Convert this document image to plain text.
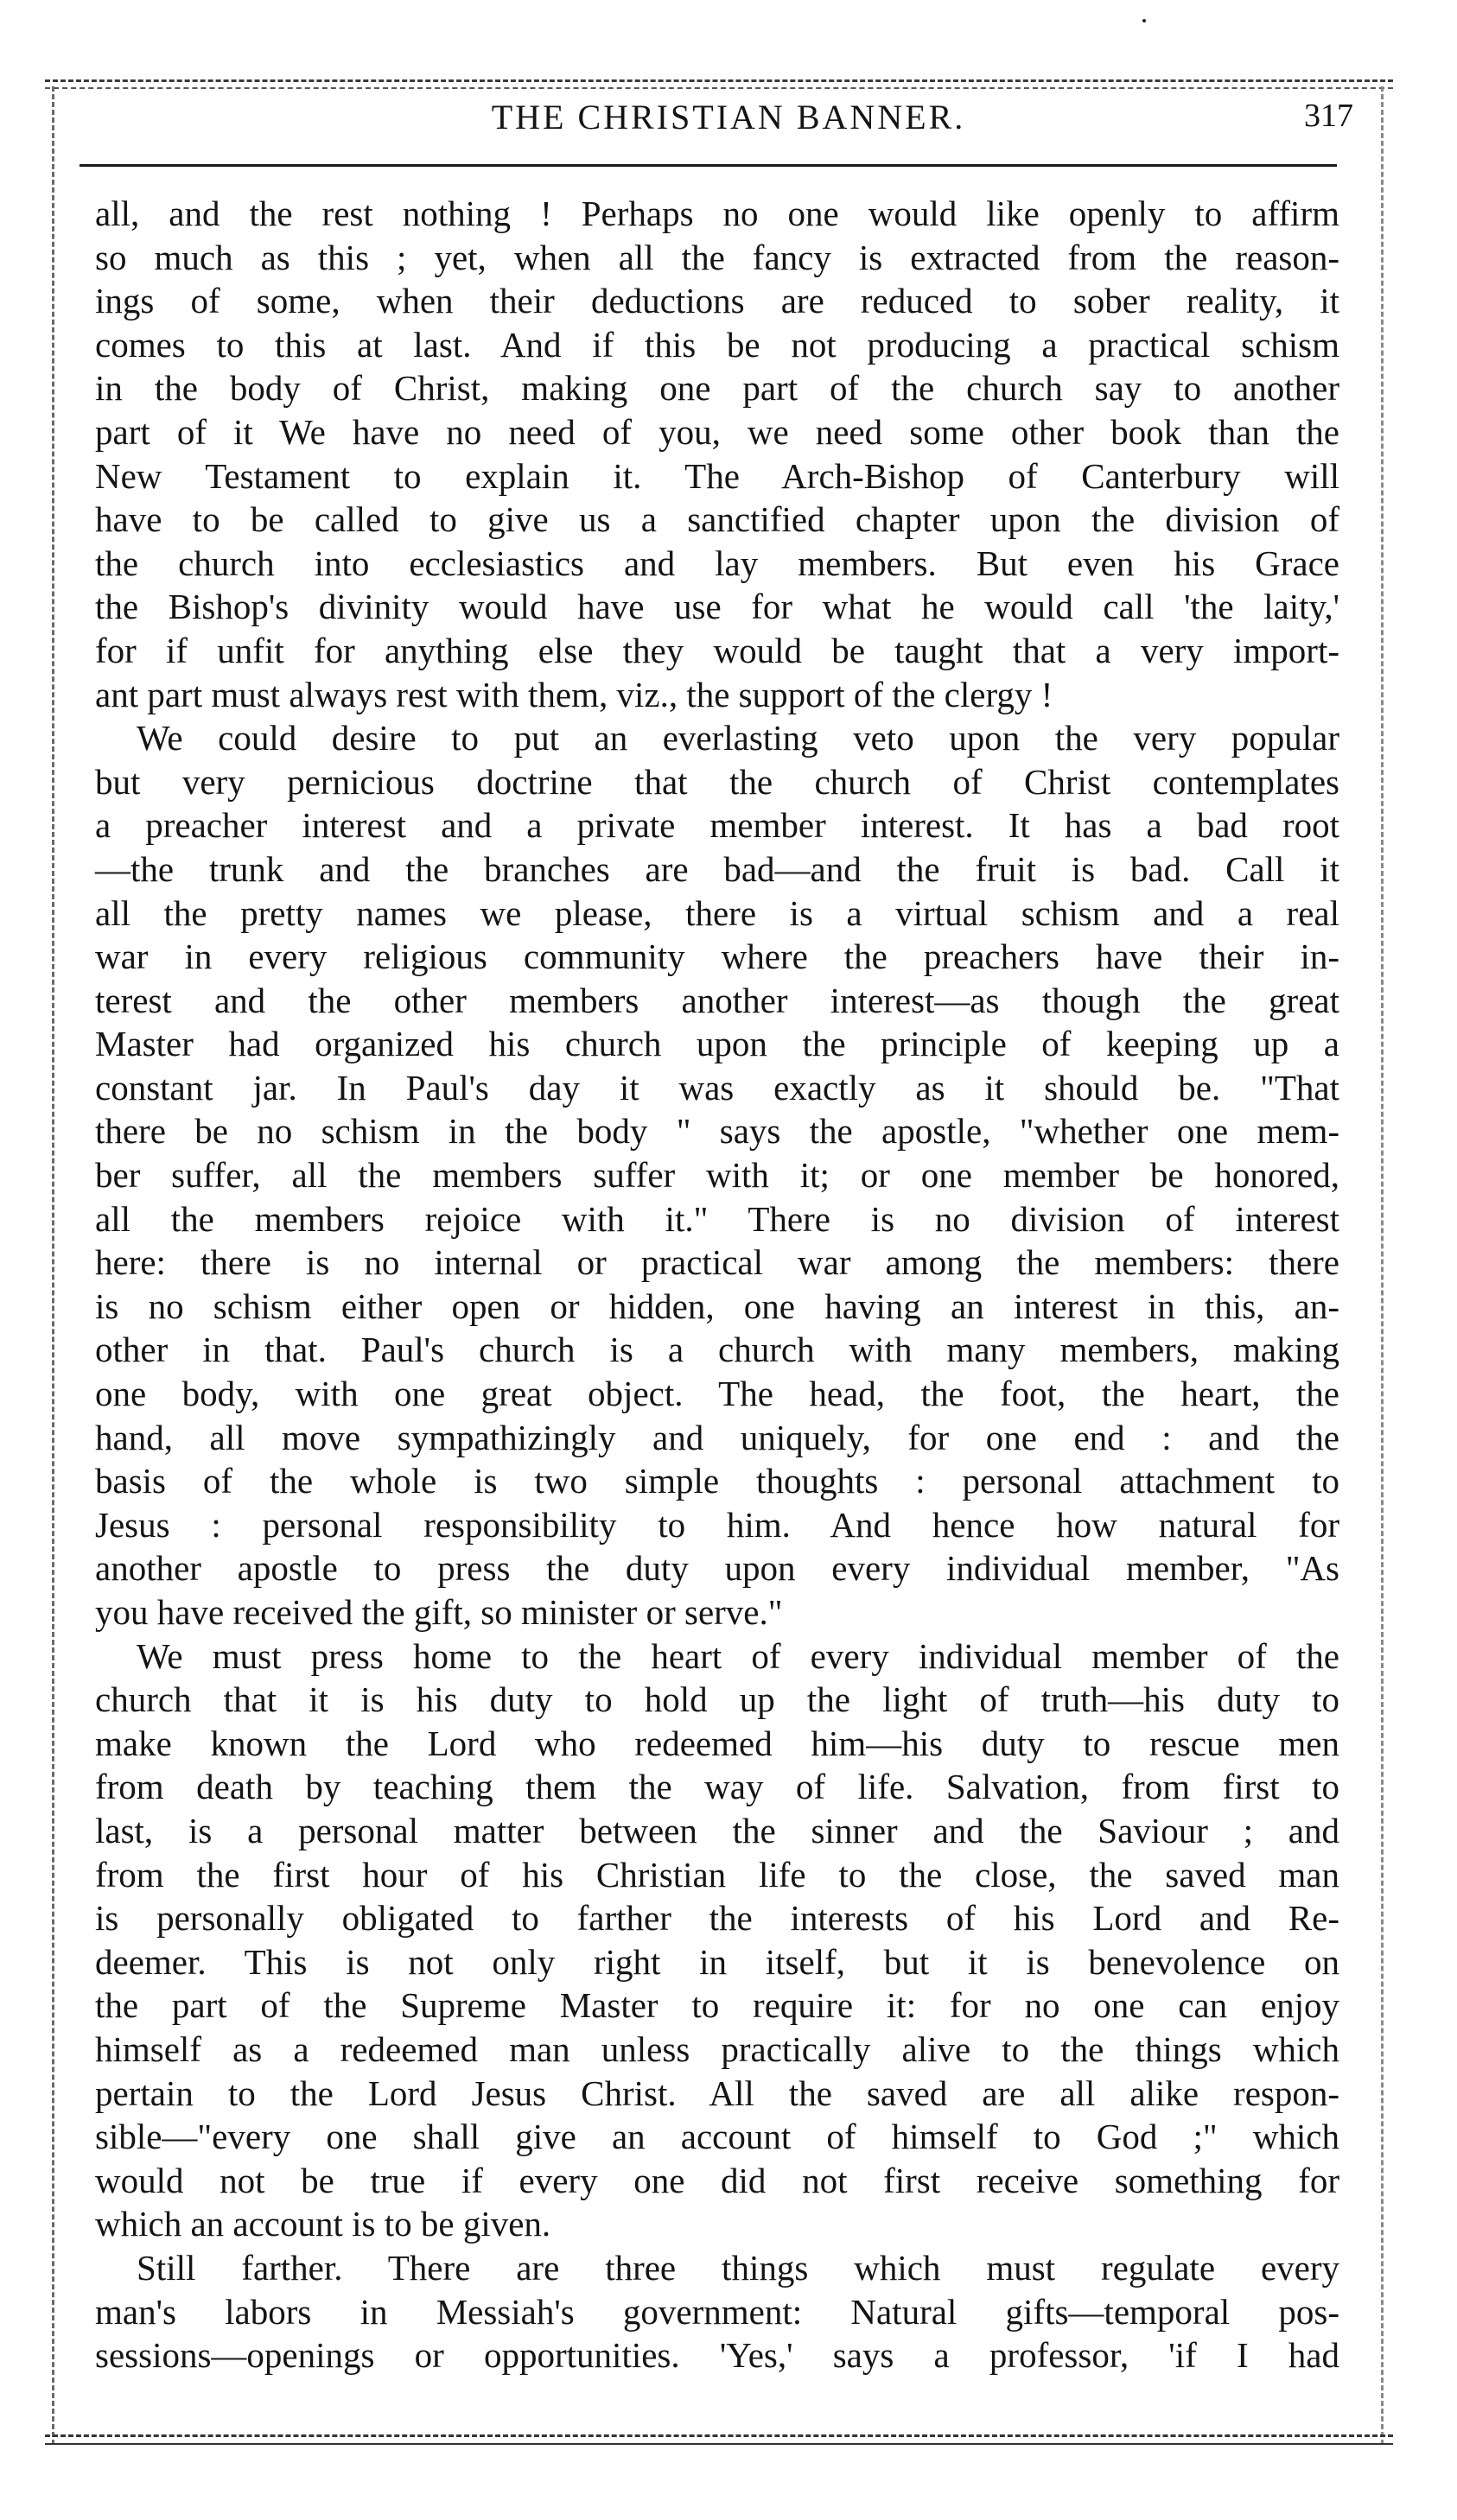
THE CHRISTIAN BANNER.	317
all, and the rest nothing ! Perhaps no one would like openly to affirm
so much as this ; yet, when all the fancy is extracted from the reason-
ings of some, when their deductions are reduced to sober reality, it
comes to this at last. And if this be not producing a practical schism
in the body of Christ, making one part of the church say to another
part of it We have no need of you, we need some other book than the
New Testament to explain it. The Arch-Bishop of Canterbury will
have to be called to give us a sanctified chapter upon the division of
the church into ecclesiastics and lay members. But even his Grace
the Bishop's divinity would have use for what he would call 'the laity,'
for if unfit for anything else they would be taught that a very import-
ant part must always rest with them, viz., the support of the clergy !
We could desire to put an everlasting veto upon the very popular
but very pernicious doctrine that the church of Christ contemplates
a preacher interest and a private member interest. It has a bad root
—the trunk and the branches are bad—and the fruit is bad. Call it
all the pretty names we please, there is a virtual schism and a real
war in every religious community where the preachers have their in-
terest and the other members another interest—as though the great
Master had organized his church upon the principle of keeping up a
constant jar. In Paul's day it was exactly as it should be. "That
there be no schism in the body " says the apostle, "whether one mem-
ber suffer, all the members suffer with it; or one member be honored,
all the members rejoice with it." There is no division of interest
here: there is no internal or practical war among the members: there
is no schism either open or hidden, one having an interest in this, an-
other in that. Paul's church is a church with many members, making
one body, with one great object. The head, the foot, the heart, the
hand, all move sympathizingly and uniquely, for one end : and the
basis of the whole is two simple thoughts : personal attachment to
Jesus : personal responsibility to him. And hence how natural for
another apostle to press the duty upon every individual member, "As
you have received the gift, so minister or serve."
We must press home to the heart of every individual member of the
church that it is his duty to hold up the light of truth—his duty to
make known the Lord who redeemed him—his duty to rescue men
from death by teaching them the way of life. Salvation, from first to
last, is a personal matter between the sinner and the Saviour ; and
from the first hour of his Christian life to the close, the saved man
is personally obligated to farther the interests of his Lord and Re-
deemer. This is not only right in itself, but it is benevolence on
the part of the Supreme Master to require it: for no one can enjoy
himself as a redeemed man unless practically alive to the things which
pertain to the Lord Jesus Christ. All the saved are all alike respon-
sible—"every one shall give an account of himself to God ;" which
would not be true if every one did not first receive something for
which an account is to be given.
Still farther. There are three things which must regulate every
man's labors in Messiah's government: Natural gifts—temporal pos-
sessions—openings or opportunities. 'Yes,' says a professor, 'if I had
